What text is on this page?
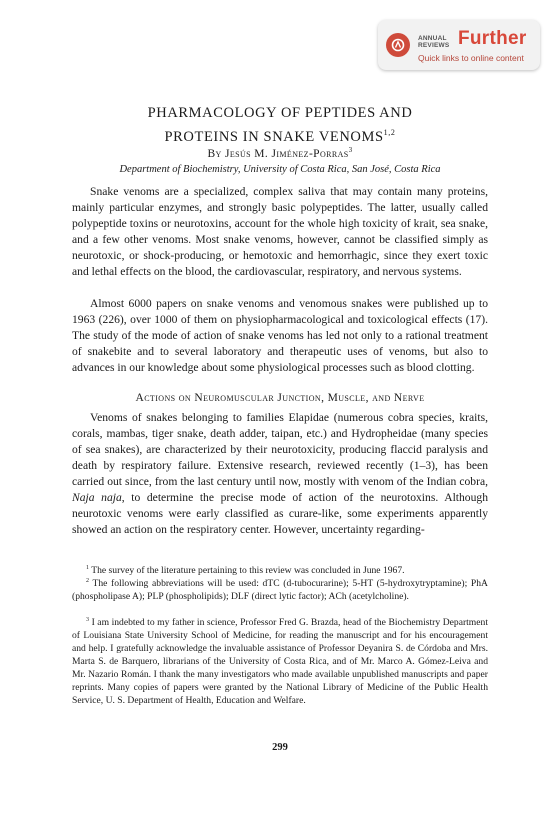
ANNUAL REVIEWS Further
Quick links to online content
PHARMACOLOGY OF PEPTIDES AND
PROTEINS IN SNAKE VENOMS$^{1,2}$
By Jesús M. Jiménez-Porras$^3$
Department of Biochemistry, University of Costa Rica, San José, Costa Rica

Snake venoms are a specialized, complex saliva that may contain many proteins, mainly particular enzymes, and strongly basic polypeptides. The latter, usually called polypeptide toxins or neurotoxins, account for the whole high toxicity of krait, sea snake, and a few other venoms. Most snake venoms, however, cannot be classified simply as neurotoxic, or shock-producing, or hemotoxic and hemorrhagic, since they exert toxic and lethal effects on the blood, the cardiovascular, respiratory, and nervous systems.

Almost 6000 papers on snake venoms and venomous snakes were published up to 1963 (226), over 1000 of them on physiopharmacological and toxicological effects (17). The study of the mode of action of snake venoms has led not only to a rational treatment of snakebite and to several laboratory and therapeutic uses of venoms, but also to advances in our knowledge about some physiological processes such as blood clotting.

Actions on Neuromuscular Junction, Muscle, and Nerve

Venoms of snakes belonging to families Elapidae (numerous cobra species, kraits, corals, mambas, tiger snake, death adder, taipan, etc.) and Hydropheidae (many species of sea snakes), are characterized by their neurotoxicity, producing flaccid paralysis and death by respiratory failure. Extensive research, reviewed recently (1–3), has been carried out since, from the last century until now, mostly with venom of the Indian cobra, Naja naja, to determine the precise mode of action of the neurotoxins. Although neurotoxic venoms were early classified as curare-like, some experiments apparently showed an action on the respiratory center. However, uncertainty regarding-

$^1$ The survey of the literature pertaining to this review was concluded in June 1967.

$^2$ The following abbreviations will be used: dTC (d-tubocurarine); 5-HT (5-hydroxytryptamine); PhA (phospholipase A); PLP (phospholipids); DLF (direct lytic factor); ACh (acetylcholine).

$^3$ I am indebted to my father in science, Professor Fred G. Brazda, head of the Biochemistry Department of Louisiana State University School of Medicine, for reading the manuscript and for his encouragement and help. I gratefully acknowledge the invaluable assistance of Professor Deyanira S. de Córdoba and Mrs. Marta S. de Barquero, librarians of the University of Costa Rica, and of Mr. Marco A. Gómez-Leiva and Mr. Nazario Román. I thank the many investigators who made available unpublished manuscripts and paper reprints. Many copies of papers were granted by the National Library of Medicine of the Public Health Service, U. S. Department of Health, Education and Welfare.

299
